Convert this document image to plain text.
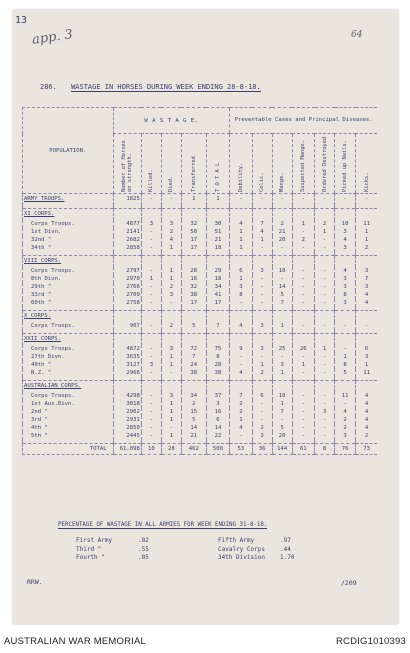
13
app. 3	64
286. WASTAGE IN HORSES DURING WEEK ENDING 28-8-18.
POPULATION.	W A S T A G E.					Preventable Cases and Principal Diseases.						

	Number of Horses on strength.	Killed.	Died.	Transferred	T O T A L	Debility.	Colic.	Mange.	Suspected Mange.	Ordered Destroyed	Picked up Nails.	Kicks.

ARMY TROOPS.	1825	-	-	1	1	-	-	-	-	-	-	-

XI CORPS.												
Corps Troops.	4877	3	3	32	30	4	7	2	1	2	10	11
1st Divn.	2141	-	2	50	51	1	4	21	-	1	3	1
32nd "	2682	-	4	17	21	1	1	20	2	-	4	1
34th "	2858	-	1	17	18	1	-	-	-	-	3	2

VIII CORPS.												
Corps Troops.	2797	-	1	28	29	6	3	10	-	-	4	3
8th Divn.	2970	1	1	16	18	1	-	-	-	-	3	7
29th "	2766	-	2	32	34	3	-	14	-	-	3	3
33rd "	2709	-	3	38	41	8	-	5	-	-	8	4
60th "	2758	-	-	17	17	-	-	7	-	-	3	4

X CORPS.												
Corps Troops.	907	-	2	5	7	4	3	1	-	-	-	-

XXII CORPS.												
Corps Troops.	4872	-	3	72	75	9	3	25	26	1	-	6
27th Divn.	3635	-	1	7	8	-	-	-	-	-	1	3
49th "	3127	3	1	24	28	-	1	3	1	-	8	1
N.Z. "	2966	-	-	38	38	4	2	1	-	-	5	11

AUSTRALIAN CORPS.												
Corps Troops.	4298	-	3	34	37	7	6	10	-	-	11	4
1st Aus.Divn.	3018	-	1	2	3	2	-	1	-	-	-	4
2nd "	2902	-	1	15	16	2	-	7	-	3	4	4
3rd "	2931	-	1	5	6	1	-	-	-	-	2	4
4th "	2850	-	-	14	14	4	2	5	-	-	2	4
5th "	2445	-	1	21	22	-	3	20	-	-	3	2

TOTAL	61,098	10	28	462	500	53	36	144	61	8	76	73
PERCENTAGE OF WASTAGE IN ALL ARMIES FOR WEEK ENDING 31-8-18.
First Army	.82
Third "	.55
Fourth "	.85
Fifth Army	.97
Cavalry Corps	.44
34th Division	1.70
RRW.	/209
AUSTRALIAN WAR MEMORIAL	RCDIG1010393
